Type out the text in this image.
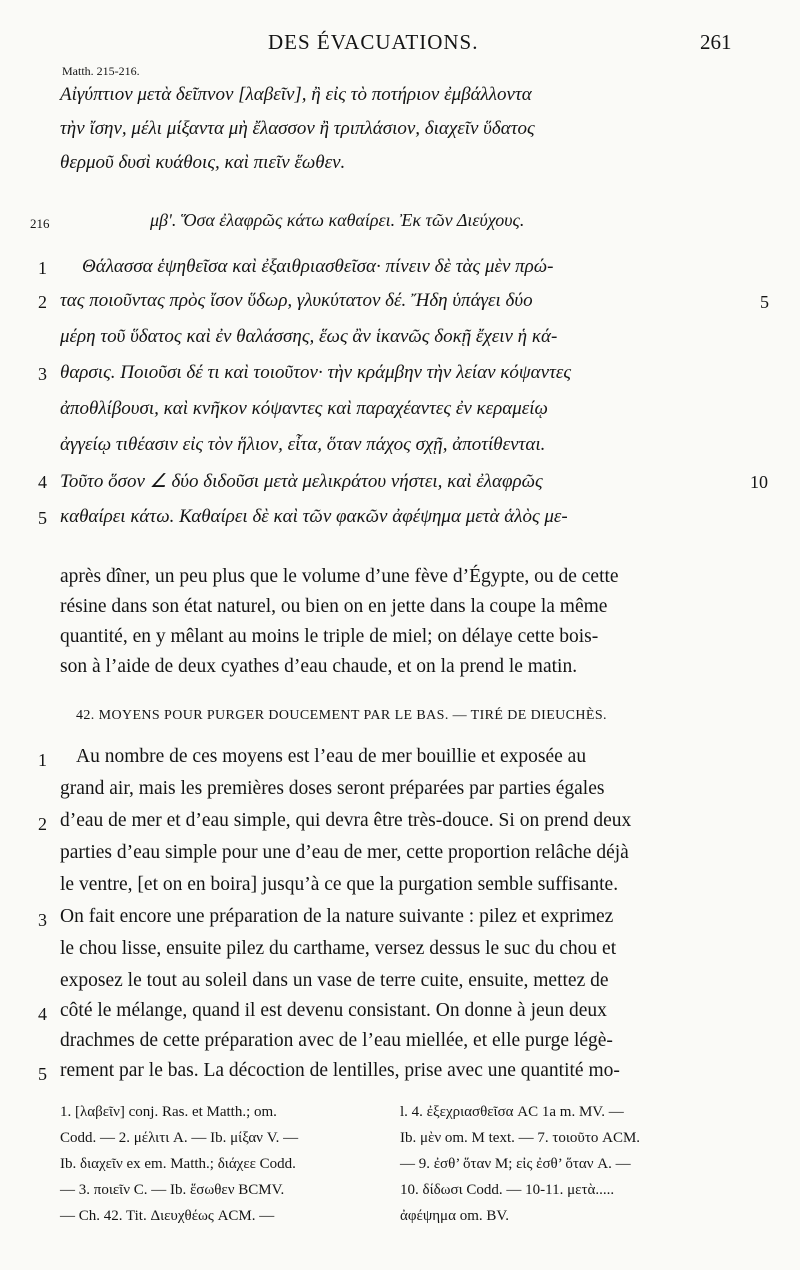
DES ÉVACUATIONS.	261
Matth. 215-216.
Αἰγύπτιον μετὰ δεῖπνον [λαβεῖν], ἢ εἰς τὸ ποτήριον ἐμβάλλοντα
τὴν ἴσην, μέλι μίξαντα μὴ ἔλασσον ἢ τριπλάσιον, διαχεῖν ὕδατος
θερμοῦ δυσὶ κυάθοις, καὶ πιεῖν ἕωθεν.
216	μβʹ. Ὅσα ἐλαφρῶς κάτω καθαίρει. Ἐκ τῶν Διεύχους.
Θάλασσα ἑψηθεῖσα καὶ ἐξαιθριασθεῖσα· πίνειν δὲ τὰς μὲν πρώ-
τας ποιοῦντας πρὸς ἴσον ὕδωρ, γλυκύτατον δέ. Ἤδη ὑπάγει δύο
μέρη τοῦ ὕδατος καὶ ἐν θαλάσσης, ἕως ἂν ἱκανῶς δοκῇ ἔχειν ἡ κά-
θαρσις. Ποιοῦσι δέ τι καὶ τοιοῦτον· τὴν κράμβην τὴν λείαν κόψαντες
ἀποθλίβουσι, καὶ κνῆκον κόψαντες καὶ παραχέαντες ἐν κεραμείῳ
ἀγγείῳ τιθέασιν εἰς τὸν ἥλιον, εἶτα, ὅταν πάχος σχῇ, ἀποτίθενται.
Τοῦτο ὅσον ∠ δύο διδοῦσι μετὰ μελικράτου νήστει, καὶ ἐλαφρῶς
καθαίρει κάτω. Καθαίρει δὲ καὶ τῶν φακῶν ἀφέψημα μετὰ ἁλὸς με-
1
2
3
4
5
5
10
après dîner, un peu plus que le volume d’une fève d’Égypte, ou de cette
résine dans son état naturel, ou bien on en jette dans la coupe la même
quantité, en y mêlant au moins le triple de miel; on délaye cette bois-
son à l’aide de deux cyathes d’eau chaude, et on la prend le matin.
42. MOYENS POUR PURGER DOUCEMENT PAR LE BAS. — TIRÉ DE DIEUCHÈS.
Au nombre de ces moyens est l’eau de mer bouillie et exposée au
grand air, mais les premières doses seront préparées par parties égales
d’eau de mer et d’eau simple, qui devra être très-douce. Si on prend deux
parties d’eau simple pour une d’eau de mer, cette proportion relâche déjà
le ventre, [et on en boira] jusqu’à ce que la purgation semble suffisante.
On fait encore une préparation de la nature suivante : pilez et exprimez
le chou lisse, ensuite pilez du carthame, versez dessus le suc du chou et
exposez le tout au soleil dans un vase de terre cuite, ensuite, mettez de
côté le mélange, quand il est devenu consistant. On donne à jeun deux
drachmes de cette préparation avec de l’eau miellée, et elle purge légè-
rement par le bas. La décoction de lentilles, prise avec une quantité mo-
1
2
3
4
5
1. [λαβεῖν] conj. Ras. et Matth.; om.
Codd. — 2. μέλιτι A. — Ib. μίξαν V. —
Ib. διαχεῖν ex em. Matth.; διάχεε Codd.
— 3. ποιεῖν C. — Ib. ἕσωθεν BCMV.
— Ch. 42. Tit. Διευχθέως ACM. —
l. 4. ἐξεχριασθεῖσα AC 1a m. MV. —
Ib. μὲν om. M text. — 7. τοιοῦτο ACM.
— 9. ἐσθ’ ὅταν M; εἰς ἐσθ’ ὅταν A. —
10. δίδωσι Codd. — 10-11. μετὰ.....
ἀφέψημα om. BV.
